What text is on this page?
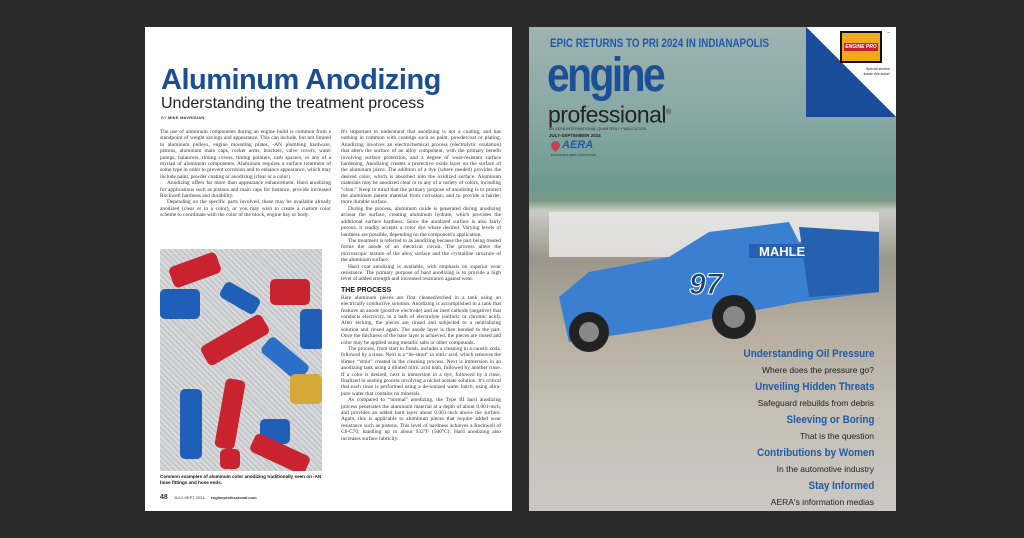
Aluminum Anodizing
Understanding the treatment process
BY MIKE MAVRIGIAN

The use of aluminum components during an engine build is common from a standpoint of weight savings and appearance. This can include, but not limited to aluminum pulleys, engine mounting plates, -AN plumbing hardware, pistons, aluminum main caps, rocker arms, brackets, valve covers, water pumps, balancers, timing covers, timing pointers, carb spacers, or any of a myriad of aluminum components. Aluminum requires a surface treatment of some type in order to prevent corrosion and to enhance appearance, which may include paint, powder coating or anodizing (clear or a color).

Anodizing offers far more than appearance enhancement. Hard anodizing for applications such as pistons and main caps for instance, provide increased Rockwell hardness and durability.

Depending on the specific parts involved, these may be available already anodized (clear or in a color), or you may wish to create a custom color scheme to coordinate with the color of the block, engine bay or body.

Common examples of aluminum color anodizing traditionally seen on -AN hose fittings and hose ends.

It's important to understand that anodizing is not a coating, and has nothing in common with coatings such as paint, powdercoat or plating. Anodizing involves an electrochemical process (electrolytic oxidation) that alters the surface of an alloy component, with the primary benefit involving surface protection, and a degree of wear-resistant surface hardening. Anodizing creates a protective oxide layer on the surface of the aluminum piece. The addition of a dye (where needed) provides the desired color, which is absorbed into the oxidized surface. Aluminum materials may be anodized clear or in any of a variety of colors, including “clear.” Keep in mind that the primary purpose of anodizing is to protect the aluminum parent material from corrosion, and to provide a harder, more durable surface.

During the process, aluminum oxide is generated during anodizing at/near the surface, creating aluminum hydrate, which provides the additional surface hardness. Since the anodized surface is also fairly porous, it readily accepts a color dye where desired. Varying levels of hardness are possible, depending on the component's application.

The treatment is referred to as anodizing because the part being treated forms the anode of an electrical circuit. The process alters the microscopic texture of the alloy surface and the crystalline structure of the aluminum surface.

Hard coat anodizing is available, with emphasis on superior wear resistance. The primary purpose of hard anodizing is to provide a high level of added strength and increased resistance against wear.

THE PROCESS

Bare aluminum pieces are first cleaned/etched in a tank using an electrically conductive solution. Anodizing is accomplished in a tank that features an anode (positive electrode) and an inert cathode (negative) that conducts electricity, in a bath of electrolyte (sulfuric or chromic acid). After etching, the pieces are rinsed and subjected to a neutralizing solution and rinsed again. The anode layer is then bonded to the part. Once the thickness of the base layer is achieved, the pieces are rinsed and color may be applied using metallic salts or other compounds.

The process, from start to finish, includes a cleaning in a caustic soda, followed by a rinse. Next is a “de-smut” in nitric acid, which removes the slimey “smut” created in the cleaning process. Next is immersion in an anodizing tank using a diluted nitric acid bath, followed by another rinse. If a color is desired, next is immersion in a dye, followed by a rinse, finalized in sealing process involving a nickel acetate solution. It's critical that each rinse is performed using a de-ionized water batch, using ultra-pure water that contains no minerals.

As compared to “normal” anodizing, the Type III hard anodizing process penetrates the aluminum material at a depth of about 0.001-inch, and provides an added hard layer about 0.001-inch above the surface. Again, this is applicable to aluminum pieces that require added wear resistance such as pistons. This level of hardness achieves a Rockwell of C6-C70, handling up to about 932°F (500°C). Hard anodizing also increases surface lubricity.

48 JULY-SEPT 2024 engineprofessional.com
MAHLE
97
EPIC RETURNS TO PRI 2024 IN INDIANAPOLIS
engine
professional®
AN AERA INTERNATIONAL QUARTERLY PUBLICATION
JULY-SEPTEMBER 2024
AERA
ENGINE BUILDERS ASSOCIATION
ENGINE PRO
™
Special section inside this issue!
Understanding Oil Pressure
Where does the pressure go?
Unveiling Hidden Threats
Safeguard rebuilds from debris
Sleeving or Boring
That is the question
Contributions by Women
In the automotive industry
Stay Informed
AERA's information medias
